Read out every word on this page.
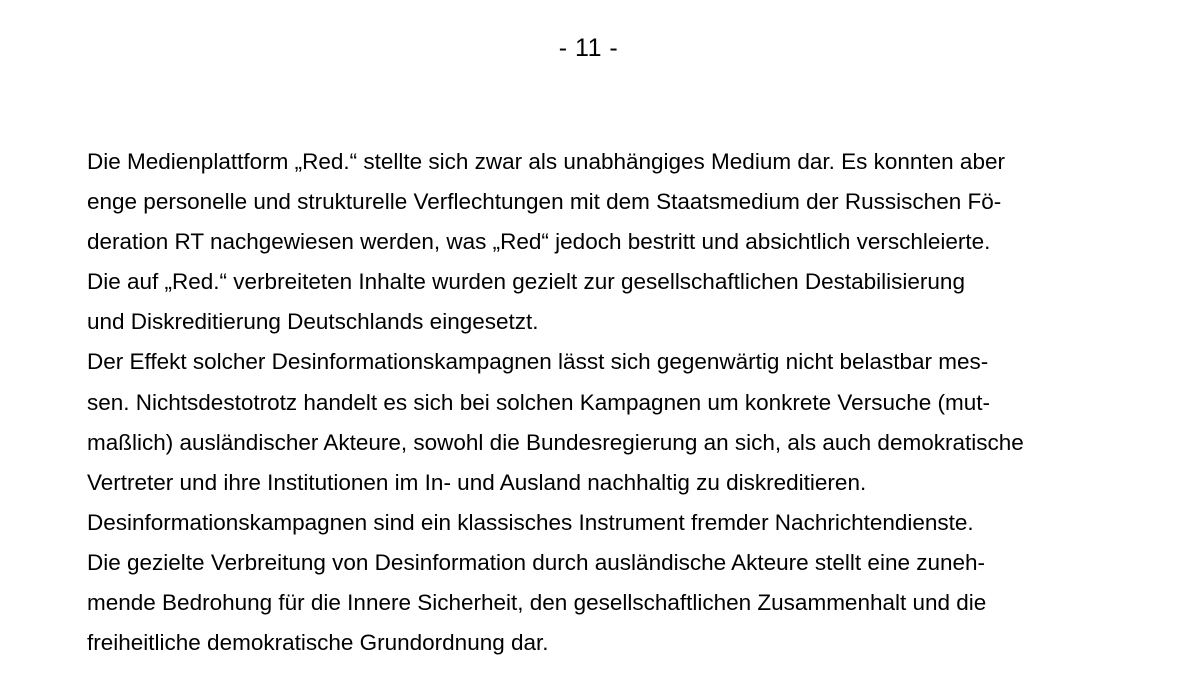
- 11 -
Die Medienplattform „Red.“ stellte sich zwar als unabhängiges Medium dar. Es konnten aber
enge personelle und strukturelle Verflechtungen mit dem Staatsmedium der Russischen Fö-
deration RT nachgewiesen werden, was „Red“ jedoch bestritt und absichtlich verschleierte.
Die auf „Red.“ verbreiteten Inhalte wurden gezielt zur gesellschaftlichen Destabilisierung
und Diskreditierung Deutschlands eingesetzt.
Der Effekt solcher Desinformationskampagnen lässt sich gegenwärtig nicht belastbar mes-
sen. Nichtsdestotrotz handelt es sich bei solchen Kampagnen um konkrete Versuche (mut-
maßlich) ausländischer Akteure, sowohl die Bundesregierung an sich, als auch demokratische
Vertreter und ihre Institutionen im In- und Ausland nachhaltig zu diskreditieren.
Desinformationskampagnen sind ein klassisches Instrument fremder Nachrichtendienste.
Die gezielte Verbreitung von Desinformation durch ausländische Akteure stellt eine zuneh-
mende Bedrohung für die Innere Sicherheit, den gesellschaftlichen Zusammenhalt und die
freiheitliche demokratische Grundordnung dar.
